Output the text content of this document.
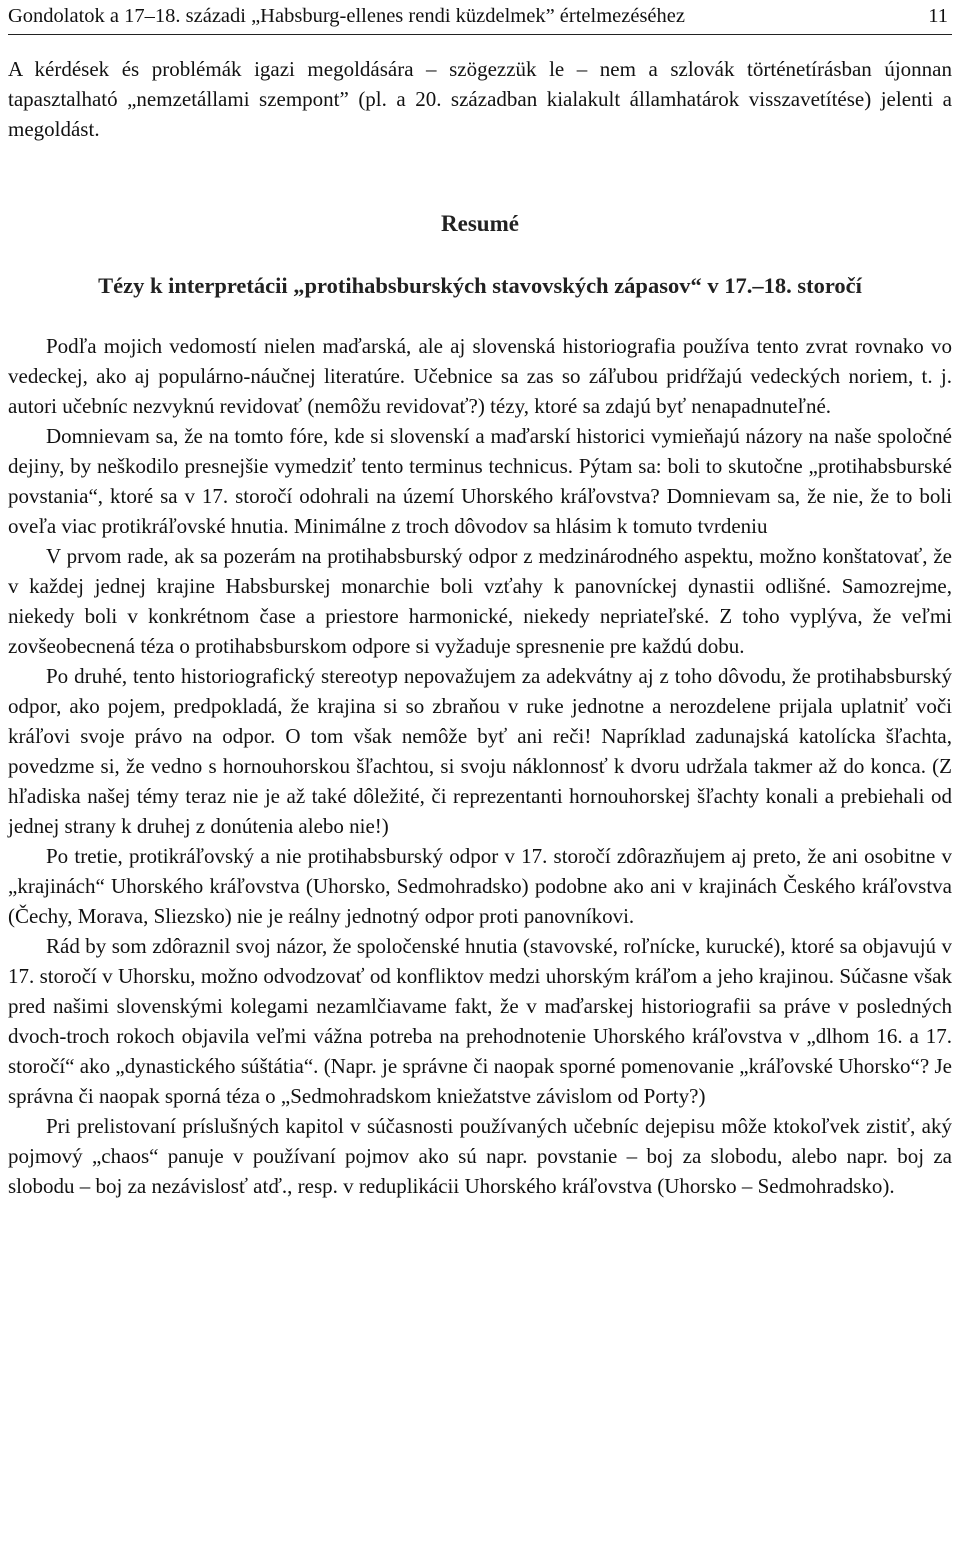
Gondolatok a 17–18. századi „Habsburg-ellenes rendi küzdelmek” értelmezéséhez	11

A kérdések és problémák igazi megoldására – szögezzük le – nem a szlovák történetírásban újonnan tapasztalható „nemzetállami szempont” (pl. a 20. században kialakult államhatárok visszavetítése) jelenti a megoldást.

Resumé
Tézy k interpretácii „protihabsburských stavovských zápasov“ v 17.–18. storočí

Podľa mojich vedomostí nielen maďarská, ale aj slovenská historiografia používa tento zvrat rovnako vo vedeckej, ako aj populárno-náučnej literatúre. Učebnice sa zas so záľubou pridŕžajú vedeckých noriem, t. j. autori učebníc nezvyknú revidovať (nemôžu revidovať?) tézy, ktoré sa zdajú byť nenapadnuteľné.

Domnievam sa, že na tomto fóre, kde si slovenskí a maďarskí historici vymieňajú názory na naše spoločné dejiny, by neškodilo presnejšie vymedziť tento terminus technicus. Pýtam sa: boli to skutočne „protihabsburské povstania“, ktoré sa v 17. storočí odohrali na území Uhorského kráľovstva? Domnievam sa, že nie, že to boli oveľa viac protikráľovské hnutia. Minimálne z troch dôvodov sa hlásim k tomuto tvrdeniu

V prvom rade, ak sa pozerám na protihabsburský odpor z medzinárodného aspektu, možno konštatovať, že v každej jednej krajine Habsburskej monarchie boli vzťahy k panovníckej dynastii odlišné. Samozrejme, niekedy boli v konkrétnom čase a priestore harmonické, niekedy nepriateľské. Z toho vyplýva, že veľmi zovšeobecnená téza o protihabsburskom odpore si vyžaduje spresnenie pre každú dobu.

Po druhé, tento historiografický stereotyp nepovažujem za adekvátny aj z toho dôvodu, že protihabsburský odpor, ako pojem, predpokladá, že krajina si so zbraňou v ruke jednotne a nerozdelene prijala uplatniť voči kráľovi svoje právo na odpor. O tom však nemôže byť ani reči! Napríklad zadunajská katolícka šľachta, povedzme si, že vedno s hornouhorskou šľachtou, si svoju náklonnosť k dvoru udržala takmer až do konca. (Z hľadiska našej témy teraz nie je až také dôležité, či reprezentanti hornouhorskej šľachty konali a prebiehali od jednej strany k druhej z donútenia alebo nie!)

Po tretie, protikráľovský a nie protihabsburský odpor v 17. storočí zdôrazňujem aj preto, že ani osobitne v „krajinách“ Uhorského kráľovstva (Uhorsko, Sedmohradsko) podobne ako ani v krajinách Českého kráľovstva (Čechy, Morava, Sliezsko) nie je reálny jednotný odpor proti panovníkovi.

Rád by som zdôraznil svoj názor, že spoločenské hnutia (stavovské, roľnícke, kurucké), ktoré sa objavujú v 17. storočí v Uhorsku, možno odvodzovať od konfliktov medzi uhorským kráľom a jeho krajinou. Súčasne však pred našimi slovenskými kolegami nezamlčiavame fakt, že v maďarskej historiografii sa práve v posledných dvoch-troch rokoch objavila veľmi vážna potreba na prehodnotenie Uhorského kráľovstva v „dlhom 16. a 17. storočí“ ako „dynastického súštátia“. (Napr. je správne či naopak sporné pomenovanie „kráľovské Uhorsko“? Je správna či naopak sporná téza o „Sedmohradskom kniežatstve závislom od Porty?)

Pri prelistovaní príslušných kapitol v súčasnosti používaných učebníc dejepisu môže ktokoľvek zistiť, aký pojmový „chaos“ panuje v používaní pojmov ako sú napr. povstanie – boj za slobodu, alebo napr. boj za slobodu – boj za nezávislosť atď., resp. v reduplikácii Uhorského kráľovstva (Uhorsko – Sedmohradsko).
